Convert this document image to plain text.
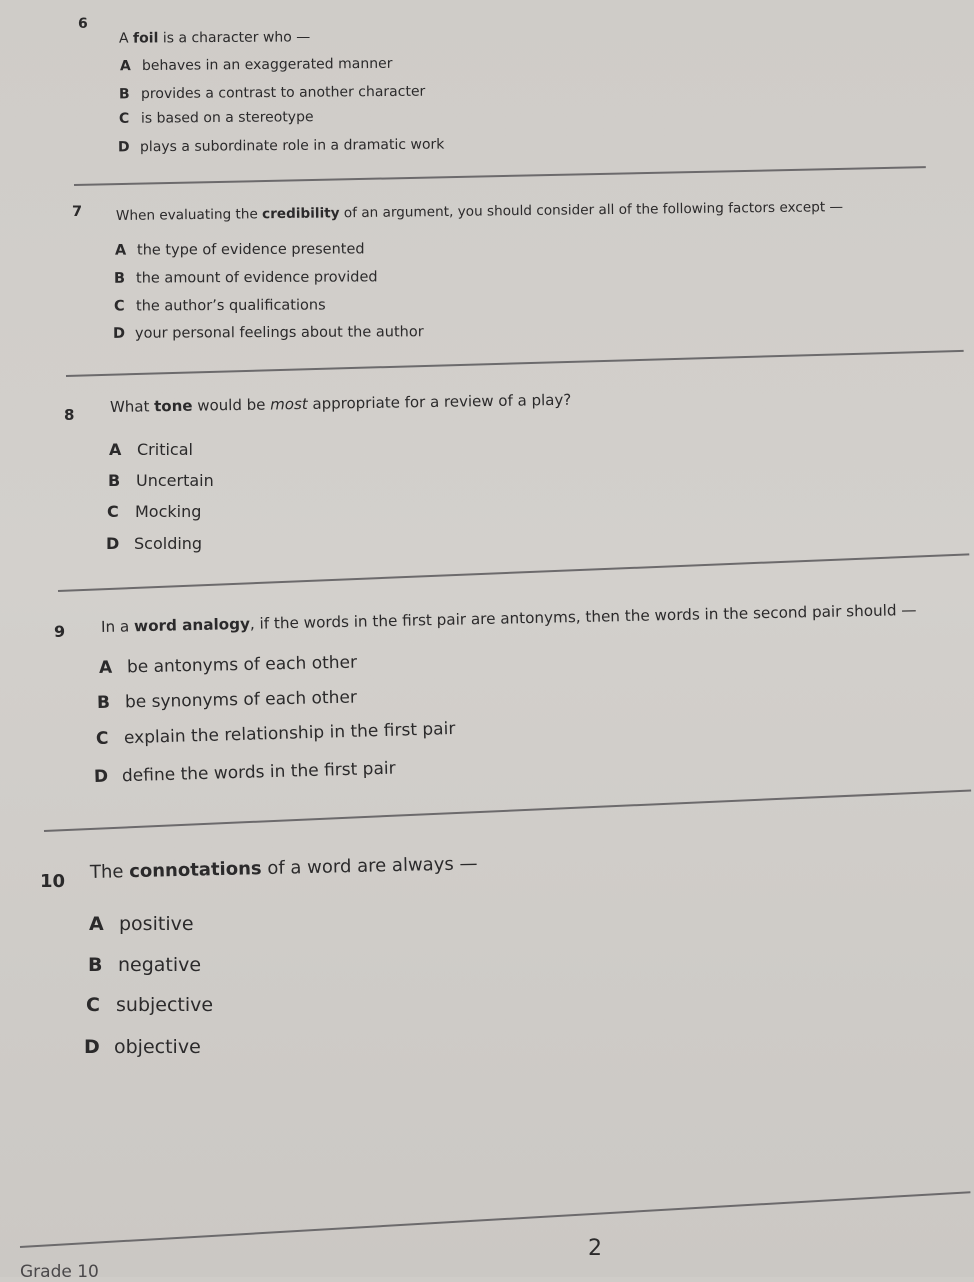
6
A foil is a character who —
A behaves in an exaggerated manner
B provides a contrast to another character
C is based on a stereotype
D plays a subordinate role in a dramatic work
7 When evaluating the credibility of an argument, you should consider all of the following factors except —
A the type of evidence presented
B the amount of evidence provided
C the author’s qualifications
D your personal feelings about the author
8 What tone would be most appropriate for a review of a play?
A Critical
B Uncertain
C Mocking
D Scolding
9 In a word analogy, if the words in the first pair are antonyms, then the words in the second pair should —
A be antonyms of each other
B be synonyms of each other
C explain the relationship in the first pair
D define the words in the first pair
10 The connotations of a word are always —
A positive
B negative
C subjective
D objective
2
Grade 10
